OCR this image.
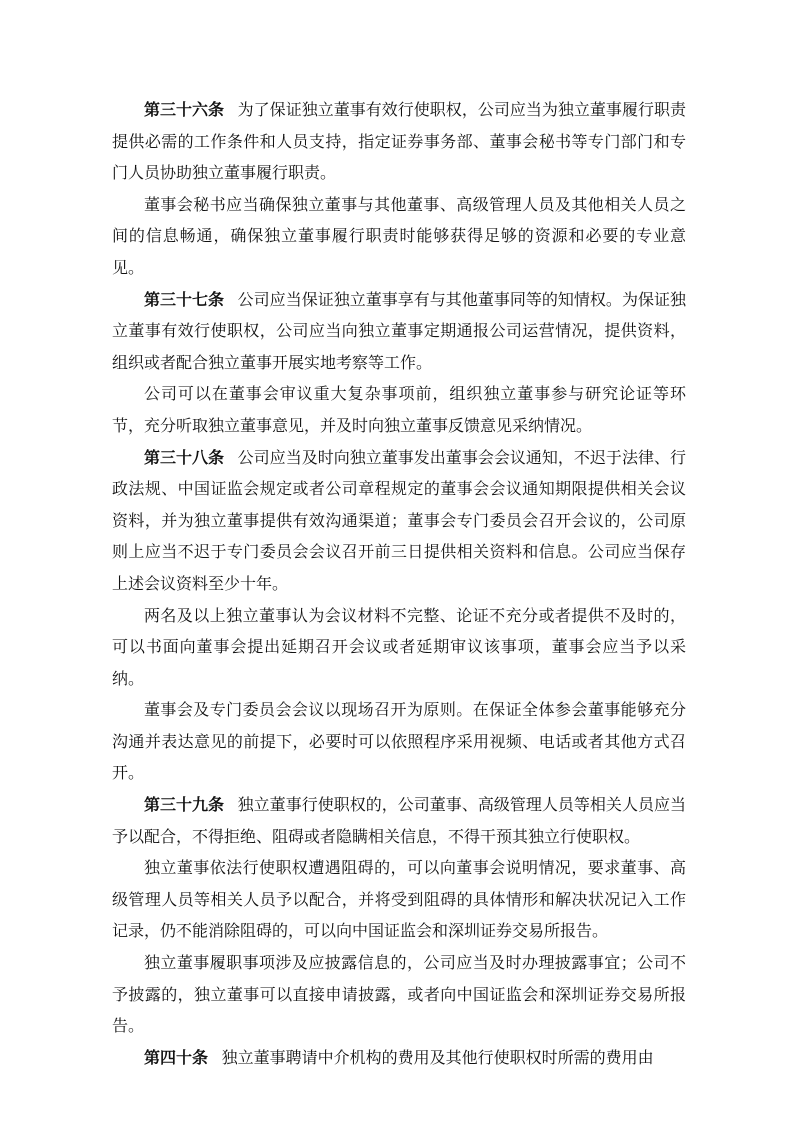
第三十六条 为了保证独立董事有效行使职权，公司应当为独立董事履行职责提供必需的工作条件和人员支持，指定证券事务部、董事会秘书等专门部门和专门人员协助独立董事履行职责。

董事会秘书应当确保独立董事与其他董事、高级管理人员及其他相关人员之间的信息畅通，确保独立董事履行职责时能够获得足够的资源和必要的专业意见。

第三十七条 公司应当保证独立董事享有与其他董事同等的知情权。为保证独立董事有效行使职权，公司应当向独立董事定期通报公司运营情况，提供资料，组织或者配合独立董事开展实地考察等工作。

公司可以在董事会审议重大复杂事项前，组织独立董事参与研究论证等环节，充分听取独立董事意见，并及时向独立董事反馈意见采纳情况。

第三十八条 公司应当及时向独立董事发出董事会会议通知，不迟于法律、行政法规、中国证监会规定或者公司章程规定的董事会会议通知期限提供相关会议资料，并为独立董事提供有效沟通渠道；董事会专门委员会召开会议的，公司原则上应当不迟于专门委员会会议召开前三日提供相关资料和信息。公司应当保存上述会议资料至少十年。

两名及以上独立董事认为会议材料不完整、论证不充分或者提供不及时的，可以书面向董事会提出延期召开会议或者延期审议该事项，董事会应当予以采纳。

董事会及专门委员会会议以现场召开为原则。在保证全体参会董事能够充分沟通并表达意见的前提下，必要时可以依照程序采用视频、电话或者其他方式召开。

第三十九条 独立董事行使职权的，公司董事、高级管理人员等相关人员应当予以配合，不得拒绝、阻碍或者隐瞒相关信息，不得干预其独立行使职权。

独立董事依法行使职权遭遇阻碍的，可以向董事会说明情况，要求董事、高级管理人员等相关人员予以配合，并将受到阻碍的具体情形和解决状况记入工作记录，仍不能消除阻碍的，可以向中国证监会和深圳证券交易所报告。

独立董事履职事项涉及应披露信息的，公司应当及时办理披露事宜；公司不予披露的，独立董事可以直接申请披露，或者向中国证监会和深圳证券交易所报告。

第四十条 独立董事聘请中介机构的费用及其他行使职权时所需的费用由
